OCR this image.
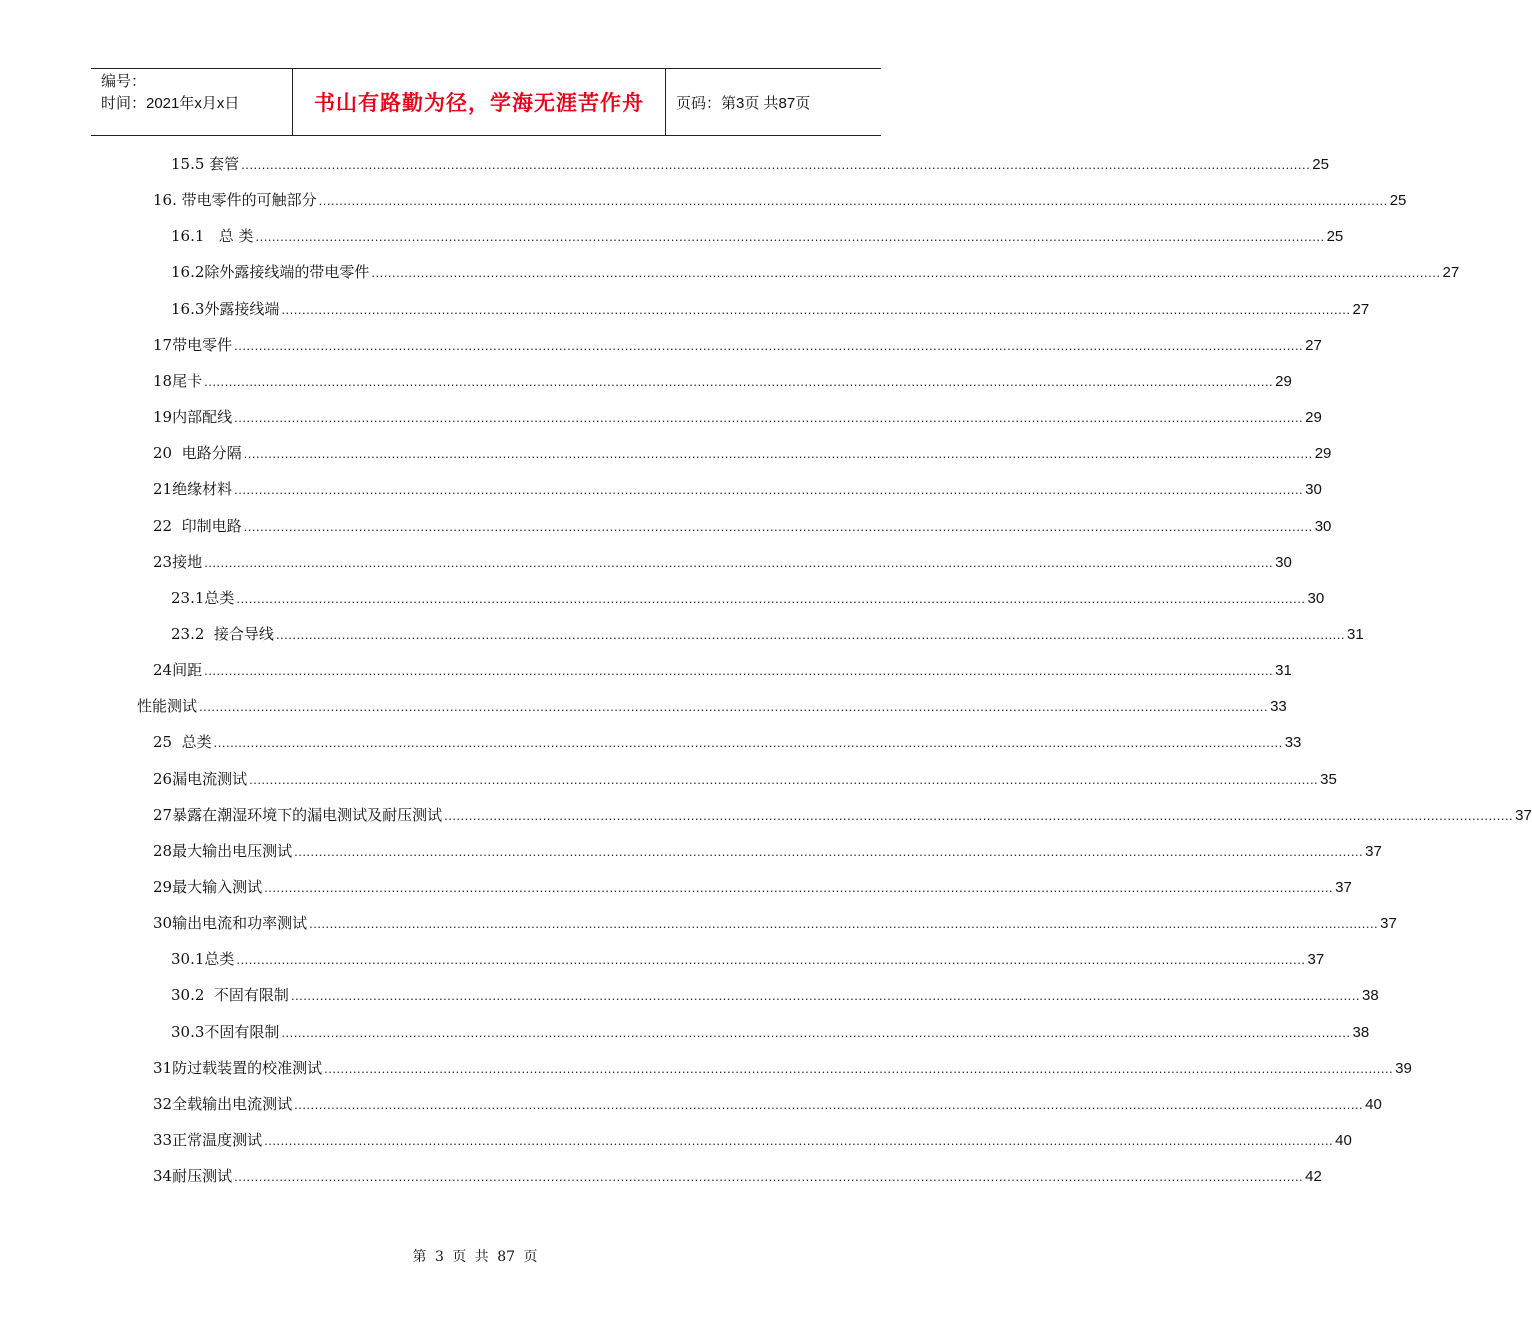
编号：
时间：2021年x月x日	书山有路勤为径，学海无涯苦作舟 页码：第3页 共87页
15.5 套管 .................................................................................................................................................................................................................................................................... 25
16. 带电零件的可触部分 .................................................................................................................................................................................................................................................................... 25
16.1   总 类 .................................................................................................................................................................................................................................................................... 25
16.2除外露接线端的带电零件 .................................................................................................................................................................................................................................................................... 27
16.3外露接线端 .................................................................................................................................................................................................................................................................... 27
17带电零件 .................................................................................................................................................................................................................................................................... 27
18尾卡 .................................................................................................................................................................................................................................................................... 29
19内部配线 .................................................................................................................................................................................................................................................................... 29
20  电路分隔 .................................................................................................................................................................................................................................................................... 29
21绝缘材料 .................................................................................................................................................................................................................................................................... 30
22  印制电路 .................................................................................................................................................................................................................................................................... 30
23接地 .................................................................................................................................................................................................................................................................... 30
23.1总类 .................................................................................................................................................................................................................................................................... 30
23.2  接合导线 .................................................................................................................................................................................................................................................................... 31
24间距 .................................................................................................................................................................................................................................................................... 31
性能测试 .................................................................................................................................................................................................................................................................... 33
25  总类 .................................................................................................................................................................................................................................................................... 33
26漏电流测试 .................................................................................................................................................................................................................................................................... 35
27暴露在潮湿环境下的漏电测试及耐压测试 .................................................................................................................................................................................................................................................................... 37
28最大输出电压测试 .................................................................................................................................................................................................................................................................... 37
29最大输入测试 .................................................................................................................................................................................................................................................................... 37
30输出电流和功率测试 .................................................................................................................................................................................................................................................................... 37
30.1总类 .................................................................................................................................................................................................................................................................... 37
30.2  不固有限制 .................................................................................................................................................................................................................................................................... 38
30.3不固有限制 .................................................................................................................................................................................................................................................................... 38
31防过载装置的校准测试 .................................................................................................................................................................................................................................................................... 39
32全载输出电流测试 .................................................................................................................................................................................................................................................................... 40
33正常温度测试 .................................................................................................................................................................................................................................................................... 40
34耐压测试 .................................................................................................................................................................................................................................................................... 42
第 3 页 共 87 页
